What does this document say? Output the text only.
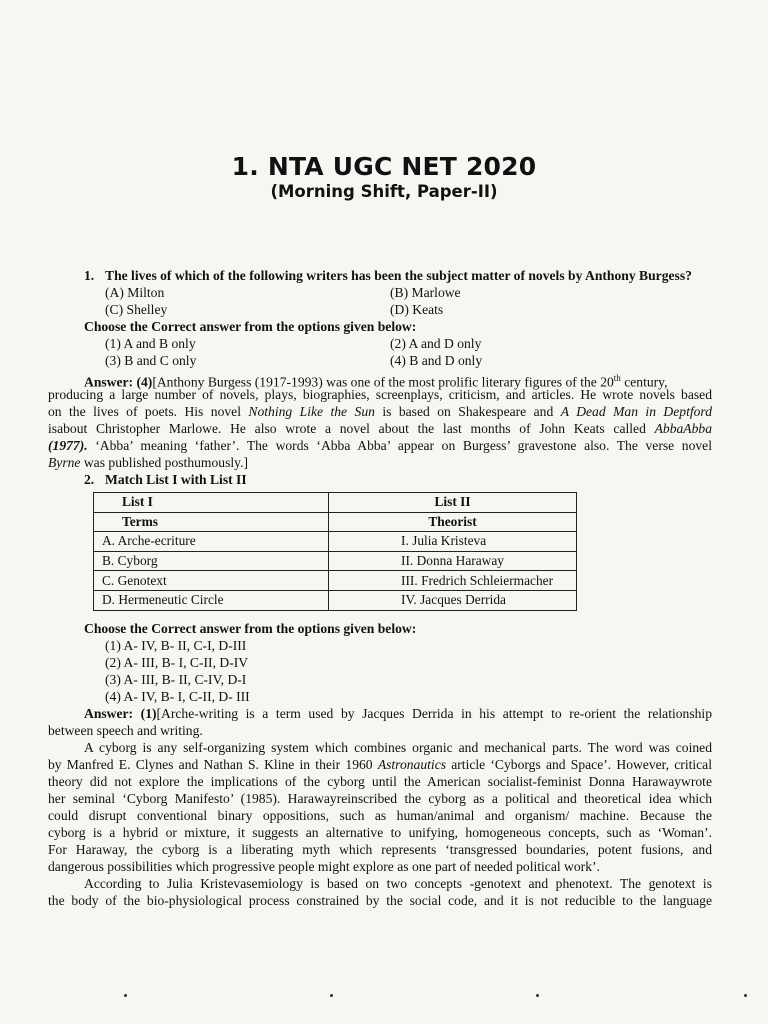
1. NTA UGC NET 2020
(Morning Shift, Paper-II)
1. The lives of which of the following writers has been the subject matter of novels by Anthony Burgess?
(A) Milton	(B) Marlowe
(C) Shelley	(D) Keats
Choose the Correct answer from the options given below:
(1) A and B only	(2) A and D only
(3) B and C only	(4) B and D only
Answer: (4)[Anthony Burgess (1917-1993) was one of the most prolific literary figures of the 20th century,
producing a large number of novels, plays, biographies, screenplays, criticism, and articles. He wrote novels based
on the lives of poets. His novel Nothing Like the Sun is based on Shakespeare and A Dead Man in Deptford
isabout Christopher Marlowe. He also wrote a novel about the last months of John Keats called AbbaAbba
(1977). ‘Abba’ meaning ‘father’. The words ‘Abba Abba’ appear on Burgess’ gravestone also. The verse novel
Byrne was published posthumously.]
2. Match List I with List II
List I	List II
Terms	Theorist
A. Arche-ecriture	I. Julia Kristeva
B. Cyborg	II. Donna Haraway
C. Genotext	III. Fredrich Schleiermacher
D. Hermeneutic Circle	IV. Jacques Derrida
Choose the Correct answer from the options given below:
(1) A- IV, B- II, C-I, D-III
(2) A- III, B- I, C-II, D-IV
(3) A- III, B- II, C-IV, D-I
(4) A- IV, B- I, C-II, D- III
Answer: (1)[Arche-writing is a term used by Jacques Derrida in his attempt to re-orient the relationship
between speech and writing.
A cyborg is any self-organizing system which combines organic and mechanical parts. The word was coined
by Manfred E. Clynes and Nathan S. Kline in their 1960 Astronautics article ‘Cyborgs and Space’. However, critical
theory did not explore the implications of the cyborg until the American socialist-feminist Donna Harawaywrote
her seminal ‘Cyborg Manifesto’ (1985). Harawayreinscribed the cyborg as a political and theoretical idea which
could disrupt conventional binary oppositions, such as human/animal and organism/ machine. Because the
cyborg is a hybrid or mixture, it suggests an alternative to unifying, homogeneous concepts, such as ‘Woman’.
For Haraway, the cyborg is a liberating myth which represents ‘transgressed boundaries, potent fusions, and
dangerous possibilities which progressive people might explore as one part of needed political work’.
According to Julia Kristevasemiology is based on two concepts -genotext and phenotext. The genotext is
the body of the bio-physiological process constrained by the social code, and it is not reducible to the language
